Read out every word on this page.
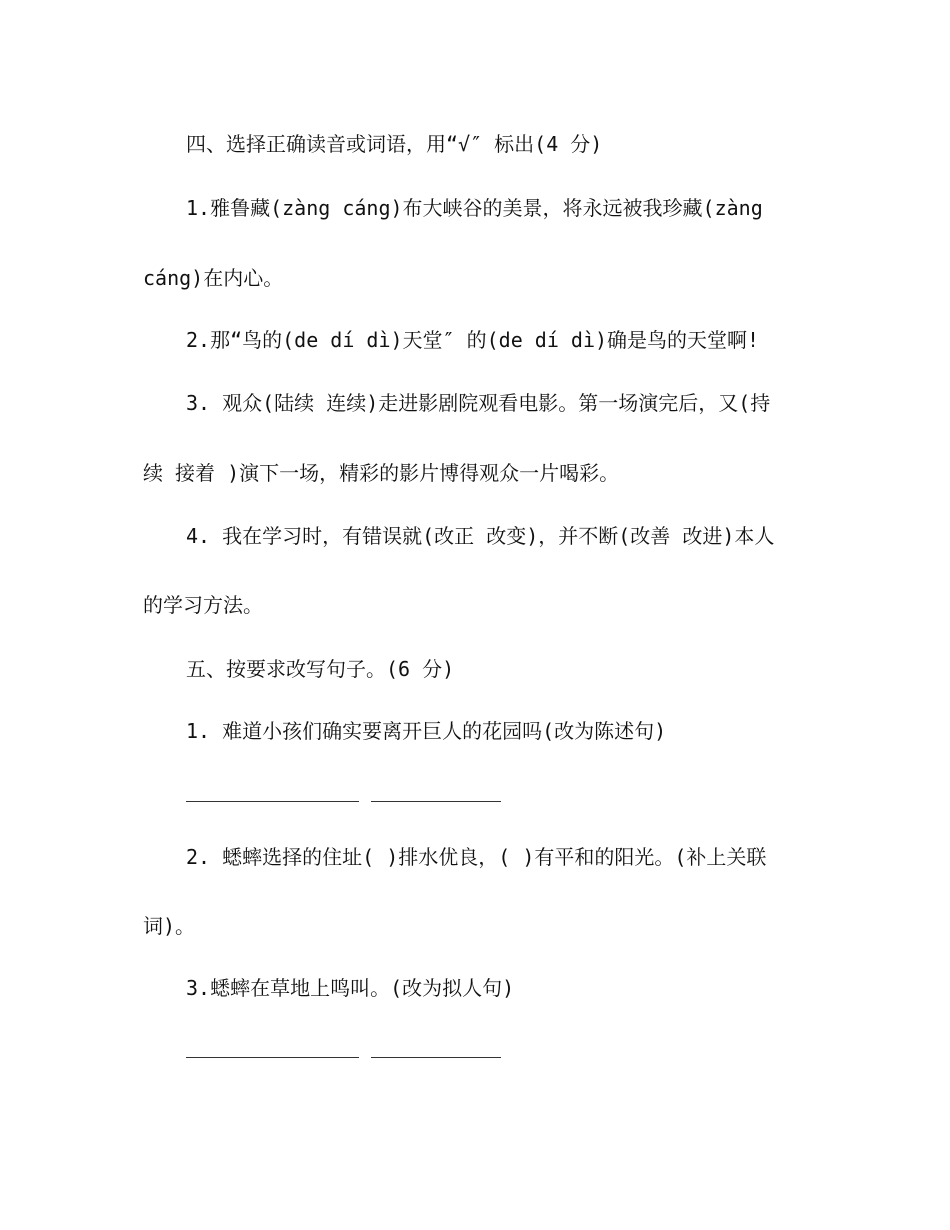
四、选择正确读音或词语，用“√″ 标出(4 分)
1.雅鲁藏(zàng cáng)布大峡谷的美景，将永远被我珍藏(zàng
cáng)在内心。
2.那“鸟的(de dí dì)天堂″ 的(de dí dì)确是鸟的天堂啊!
3. 观众(陆续 连续)走进影剧院观看电影。第一场演完后，又(持
续 接着 )演下一场，精彩的影片博得观众一片喝彩。
4. 我在学习时，有错误就(改正 改变)，并不断(改善 改进)本人
的学习方法。
五、按要求改写句子。(6 分)
1. 难道小孩们确实要离开巨人的花园吗(改为陈述句)
2. 蟋蟀选择的住址( )排水优良，( )有平和的阳光。(补上关联
词)。
3.蟋蟀在草地上鸣叫。(改为拟人句)
